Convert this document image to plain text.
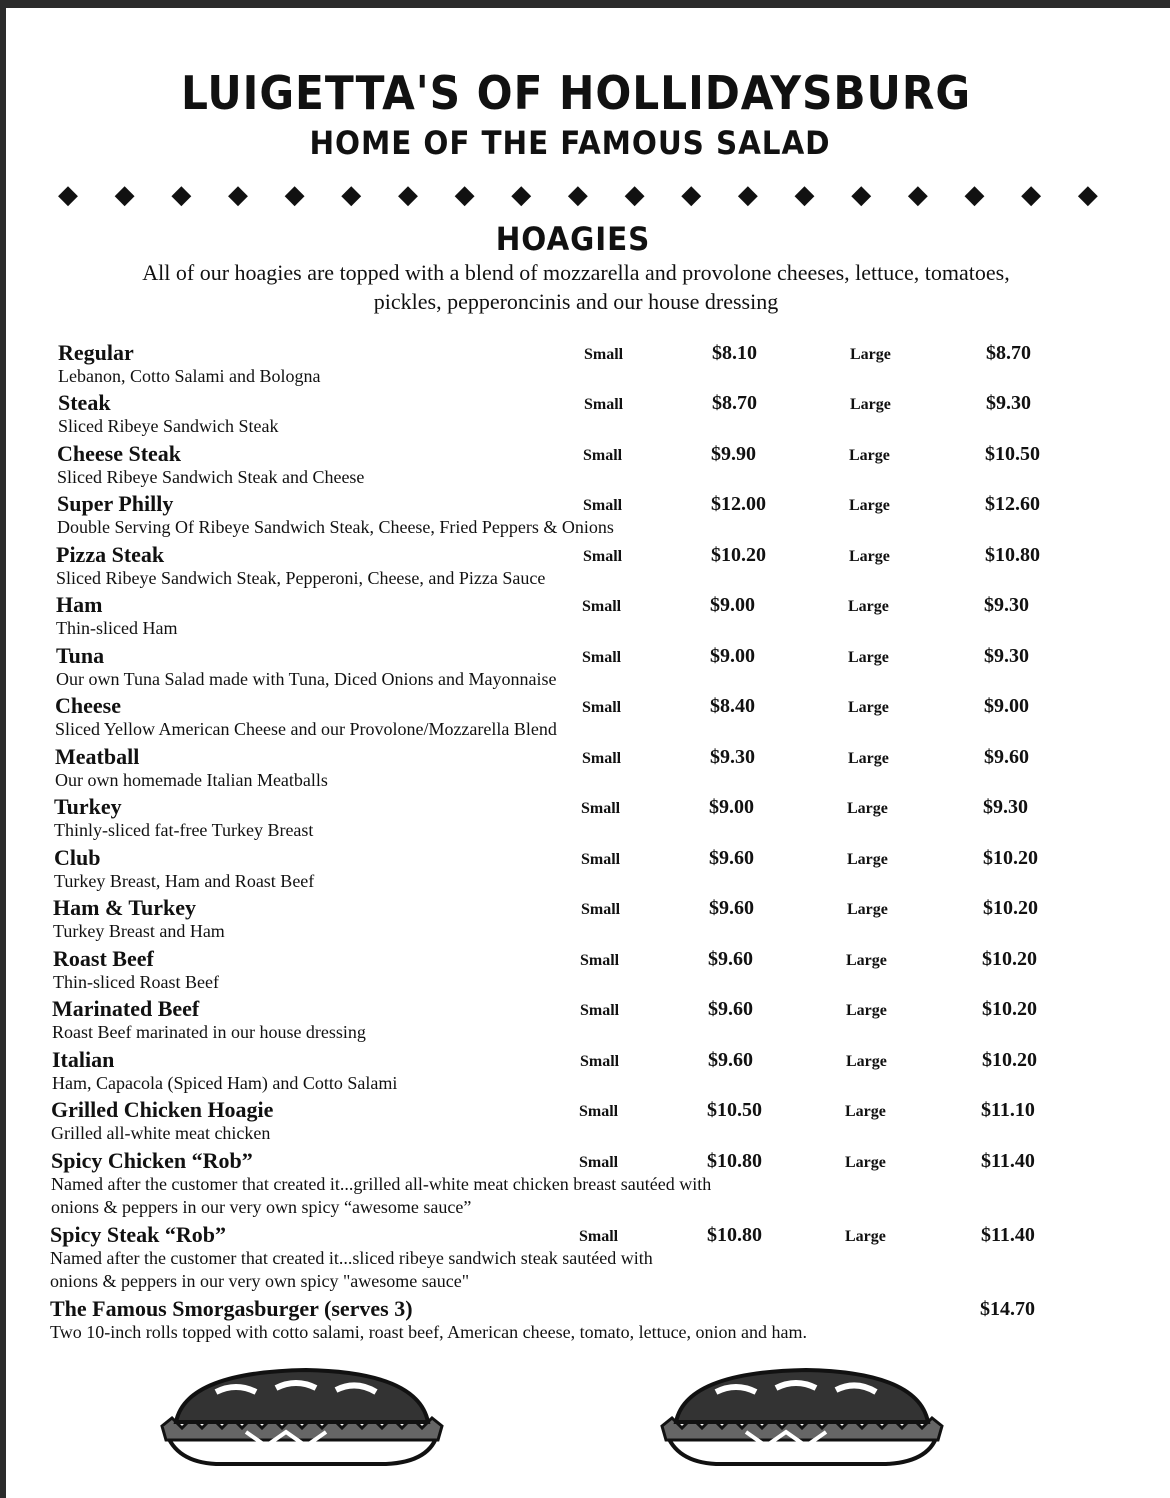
LUIGETTA'S OF HOLLIDAYSBURG
HOME OF THE FAMOUS SALAD
◆ ◆ ◆ ◆ ◆ ◆ ◆ ◆ ◆ ◆ ◆ ◆ ◆ ◆ ◆ ◆ ◆ ◆ ◆
HOAGIES
All of our hoagies are topped with a blend of mozzarella and provolone cheeses, lettuce, tomatoes,
pickles, pepperoncinis and our house dressing
Regular
Lebanon, Cotto Salami and Bologna
Small	$8.10	Large	$8.70
Steak
Sliced Ribeye Sandwich Steak
Small	$8.70	Large	$9.30
Cheese Steak
Sliced Ribeye Sandwich Steak and Cheese
Small	$9.90	Large	$10.50
Super Philly
Double Serving Of Ribeye Sandwich Steak, Cheese, Fried Peppers & Onions
Small	$12.00	Large	$12.60
Pizza Steak
Sliced Ribeye Sandwich Steak, Pepperoni, Cheese, and Pizza Sauce
Small	$10.20	Large	$10.80
Ham
Thin-sliced Ham
Small	$9.00	Large	$9.30
Tuna
Our own Tuna Salad made with Tuna, Diced Onions and Mayonnaise
Small	$9.00	Large	$9.30
Cheese
Sliced Yellow American Cheese and our Provolone/Mozzarella Blend
Small	$8.40	Large	$9.00
Meatball
Our own homemade Italian Meatballs
Small	$9.30	Large	$9.60
Turkey
Thinly-sliced fat-free Turkey Breast
Small	$9.00	Large	$9.30
Club
Turkey Breast, Ham and Roast Beef
Small	$9.60	Large	$10.20
Ham & Turkey
Turkey Breast and Ham
Small	$9.60	Large	$10.20
Roast Beef
Thin-sliced Roast Beef
Small	$9.60	Large	$10.20
Marinated Beef
Roast Beef marinated in our house dressing
Small	$9.60	Large	$10.20
Italian
Ham, Capacola (Spiced Ham) and Cotto Salami
Small	$9.60	Large	$10.20
Grilled Chicken Hoagie
Grilled all-white meat chicken
Small	$10.50	Large	$11.10
Spicy Chicken “Rob”
Named after the customer that created it...grilled all-white meat chicken breast sautéed with
onions & peppers in our very own spicy “awesome sauce”
Small	$10.80	Large	$11.40
Spicy Steak “Rob”
Named after the customer that created it...sliced ribeye sandwich steak sautéed with
onions & peppers in our very own spicy "awesome sauce"
Small	$10.80	Large	$11.40
The Famous Smorgasburger (serves 3)
Two 10-inch rolls topped with cotto salami, roast beef, American cheese, tomato, lettuce, onion and ham.
$14.70
